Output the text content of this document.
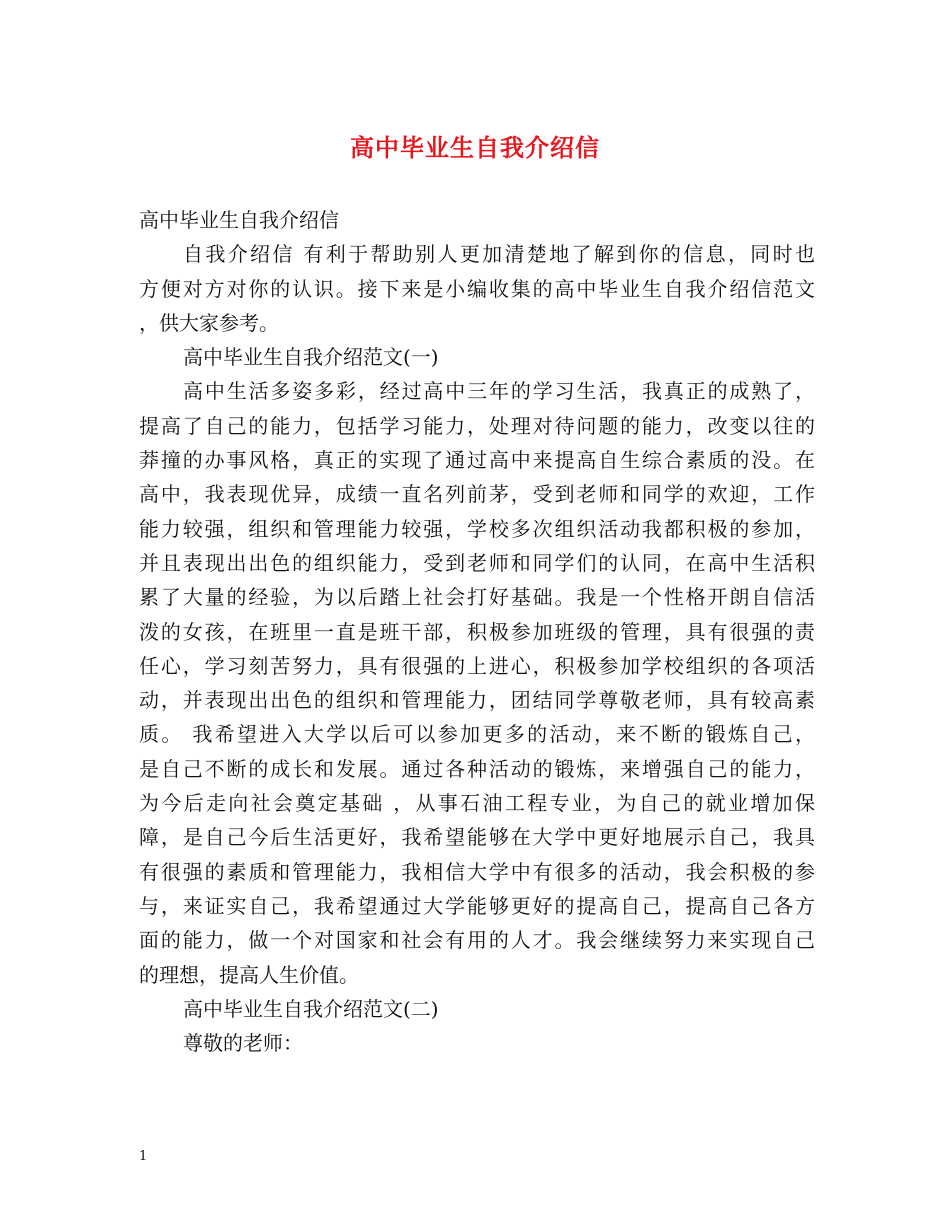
高中毕业生自我介绍信
高中毕业生自我介绍信
自我介绍信 有利于帮助别人更加清楚地了解到你的信息，同时也
方便对方对你的认识。接下来是小编收集的高中毕业生自我介绍信范文
，供大家参考。
高中毕业生自我介绍范文(一)
高中生活多姿多彩，经过高中三年的学习生活，我真正的成熟了，
提高了自己的能力，包括学习能力，处理对待问题的能力，改变以往的
莽撞的办事风格，真正的实现了通过高中来提高自生综合素质的没。在
高中，我表现优异，成绩一直名列前茅，受到老师和同学的欢迎，工作
能力较强，组织和管理能力较强，学校多次组织活动我都积极的参加，
并且表现出出色的组织能力，受到老师和同学们的认同，在高中生活积
累了大量的经验，为以后踏上社会打好基础。我是一个性格开朗自信活
泼的女孩，在班里一直是班干部，积极参加班级的管理，具有很强的责
任心，学习刻苦努力，具有很强的上进心，积极参加学校组织的各项活
动，并表现出出色的组织和管理能力，团结同学尊敬老师，具有较高素
质。 我希望进入大学以后可以参加更多的活动，来不断的锻炼自己，
是自己不断的成长和发展。通过各种活动的锻炼，来增强自己的能力，
为今后走向社会奠定基础 ，从事石油工程专业，为自己的就业增加保
障，是自己今后生活更好，我希望能够在大学中更好地展示自己，我具
有很强的素质和管理能力，我相信大学中有很多的活动，我会积极的参
与，来证实自己，我希望通过大学能够更好的提高自己，提高自己各方
面的能力，做一个对国家和社会有用的人才。我会继续努力来实现自己
的理想，提高人生价值。
高中毕业生自我介绍范文(二)
尊敬的老师：
1
